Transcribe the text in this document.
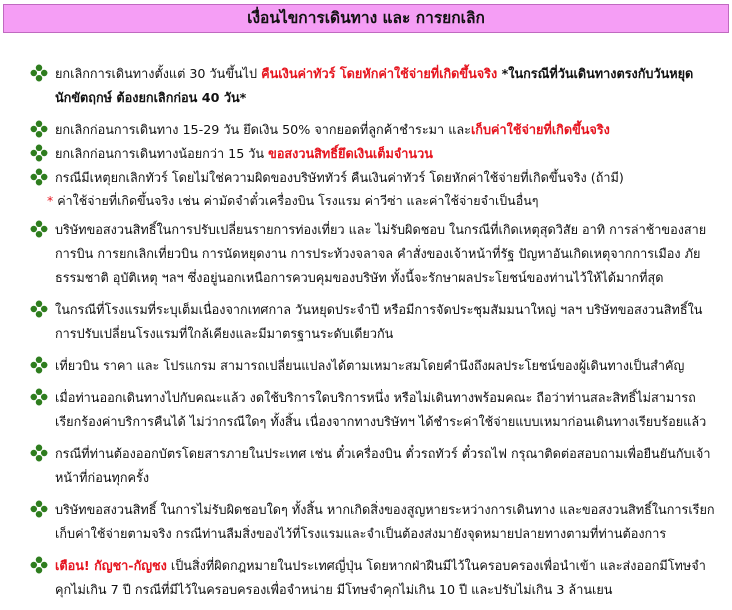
เงื่อนไขการเดินทาง และ การยกเลิก
ยกเลิกการเดินทางตั้งแต่ 30 วันขึ้นไป คืนเงินค่าทัวร์ โดยหักค่าใช้จ่ายที่เกิดขึ้นจริง *ในกรณีที่วันเดินทางตรงกับวันหยุดนักขัตฤกษ์ ต้องยกเลิกก่อน 40 วัน*
ยกเลิกก่อนการเดินทาง 15-29 วัน ยึดเงิน 50% จากยอดที่ลูกค้าชำระมา และเก็บค่าใช้จ่ายที่เกิดขึ้นจริง
ยกเลิกก่อนการเดินทางน้อยกว่า 15 วัน ขอสงวนสิทธิ์ยึดเงินเต็มจำนวน
กรณีมีเหตุยกเลิกทัวร์ โดยไม่ใช่ความผิดของบริษัททัวร์ คืนเงินค่าทัวร์ โดยหักค่าใช้จ่ายที่เกิดขึ้นจริง (ถ้ามี)
* ค่าใช้จ่ายที่เกิดขึ้นจริง เช่น ค่ามัดจำตั๋วเครื่องบิน โรงแรม ค่าวีซ่า และค่าใช้จ่ายจำเป็นอื่นๆ
บริษัทขอสงวนสิทธิ์ในการปรับเปลี่ยนรายการท่องเที่ยว และ ไม่รับผิดชอบ ในกรณีที่เกิดเหตุสุดวิสัย อาทิ การล่าช้าของสายการบิน การยกเลิกเที่ยวบิน การนัดหยุดงาน การประท้วงจลาจล คำสั่งของเจ้าหน้าที่รัฐ ปัญหาอันเกิดเหตุจากการเมือง ภัยธรรมชาติ อุบัติเหตุ ฯลฯ ซึ่งอยู่นอกเหนือการควบคุมของบริษัท ทั้งนี้จะรักษาผลประโยชน์ของท่านไว้ให้ได้มากที่สุด
ในกรณีที่โรงแรมที่ระบุเต็มเนื่องจากเทศกาล วันหยุดประจำปี หรือมีการจัดประชุมสัมมนาใหญ่ ฯลฯ บริษัทขอสงวนสิทธิ์ในการปรับเปลี่ยนโรงแรมที่ใกล้เคียงและมีมาตรฐานระดับเดียวกัน
เที่ยวบิน ราคา และ โปรแกรม สามารถเปลี่ยนแปลงได้ตามเหมาะสมโดยคำนึงถึงผลประโยชน์ของผู้เดินทางเป็นสำคัญ
เมื่อท่านออกเดินทางไปกับคณะแล้ว งดใช้บริการใดบริการหนึ่ง หรือไม่เดินทางพร้อมคณะ ถือว่าท่านสละสิทธิ์ไม่สามารถเรียกร้องค่าบริการคืนได้ ไม่ว่ากรณีใดๆ ทั้งสิ้น เนื่องจากทางบริษัทฯ ได้ชำระค่าใช้จ่ายแบบเหมาก่อนเดินทางเรียบร้อยแล้ว
กรณีที่ท่านต้องออกบัตรโดยสารภายในประเทศ เช่น ตั๋วเครื่องบิน ตั๋วรถทัวร์ ตั๋วรถไฟ กรุณาติดต่อสอบถามเพื่อยืนยันกับเจ้าหน้าที่ก่อนทุกครั้ง
บริษัทขอสงวนสิทธิ์ ในการไม่รับผิดชอบใดๆ ทั้งสิ้น หากเกิดสิ่งของสูญหายระหว่างการเดินทาง และขอสงวนสิทธิ์ในการเรียกเก็บค่าใช้จ่ายตามจริง กรณีท่านลืมสิ่งของไว้ที่โรงแรมและจำเป็นต้องส่งมายังจุดหมายปลายทางตามที่ท่านต้องการ
เตือน! กัญชา-กัญชง เป็นสิ่งที่ผิดกฎหมายในประเทศญี่ปุ่น โดยหากฝ่าฝืนมีไว้ในครอบครองเพื่อนำเข้า และส่งออกมีโทษจำคุกไม่เกิน 7 ปี กรณีที่มีไว้ในครอบครองเพื่อจำหน่าย มีโทษจำคุกไม่เกิน 10 ปี และปรับไม่เกิน 3 ล้านเยน
